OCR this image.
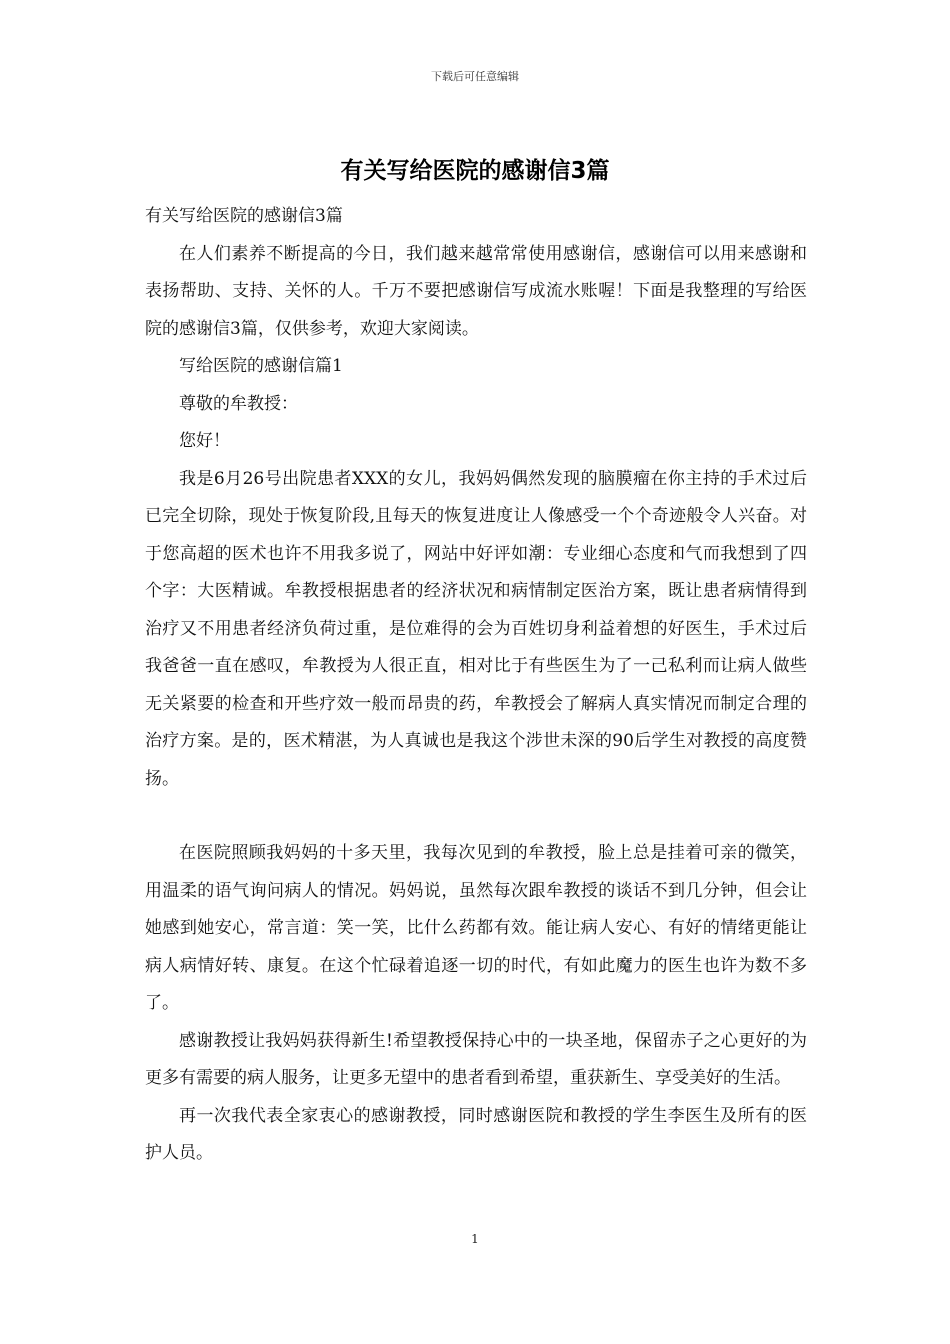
下载后可任意编辑
有关写给医院的感谢信3篇

有关写给医院的感谢信3篇

在人们素养不断提高的今日，我们越来越常常使用感谢信，感谢信可以用来感谢和表扬帮助、支持、关怀的人。千万不要把感谢信写成流水账喔！下面是我整理的写给医院的感谢信3篇，仅供参考，欢迎大家阅读。

写给医院的感谢信篇1

尊敬的牟教授：

您好！

我是6月26号出院患者XXX的女儿，我妈妈偶然发现的脑膜瘤在你主持的手术过后已完全切除，现处于恢复阶段,且每天的恢复进度让人像感受一个个奇迹般令人兴奋。对于您高超的医术也许不用我多说了，网站中好评如潮：专业细心态度和气而我想到了四个字：大医精诚。牟教授根据患者的经济状况和病情制定医治方案，既让患者病情得到治疗又不用患者经济负荷过重，是位难得的会为百姓切身利益着想的好医生，手术过后我爸爸一直在感叹，牟教授为人很正直，相对比于有些医生为了一己私利而让病人做些无关紧要的检查和开些疗效一般而昂贵的药，牟教授会了解病人真实情况而制定合理的治疗方案。是的，医术精湛，为人真诚也是我这个涉世未深的90后学生对教授的高度赞扬。

在医院照顾我妈妈的十多天里，我每次见到的牟教授，脸上总是挂着可亲的微笑，用温柔的语气询问病人的情况。妈妈说，虽然每次跟牟教授的谈话不到几分钟，但会让她感到她安心，常言道：笑一笑，比什么药都有效。能让病人安心、有好的情绪更能让病人病情好转、康复。在这个忙碌着追逐一切的时代，有如此魔力的医生也许为数不多了。

感谢教授让我妈妈获得新生!希望教授保持心中的一块圣地，保留赤子之心更好的为更多有需要的病人服务，让更多无望中的患者看到希望，重获新生、享受美好的生活。

再一次我代表全家衷心的感谢教授，同时感谢医院和教授的学生李医生及所有的医护人员。

1
